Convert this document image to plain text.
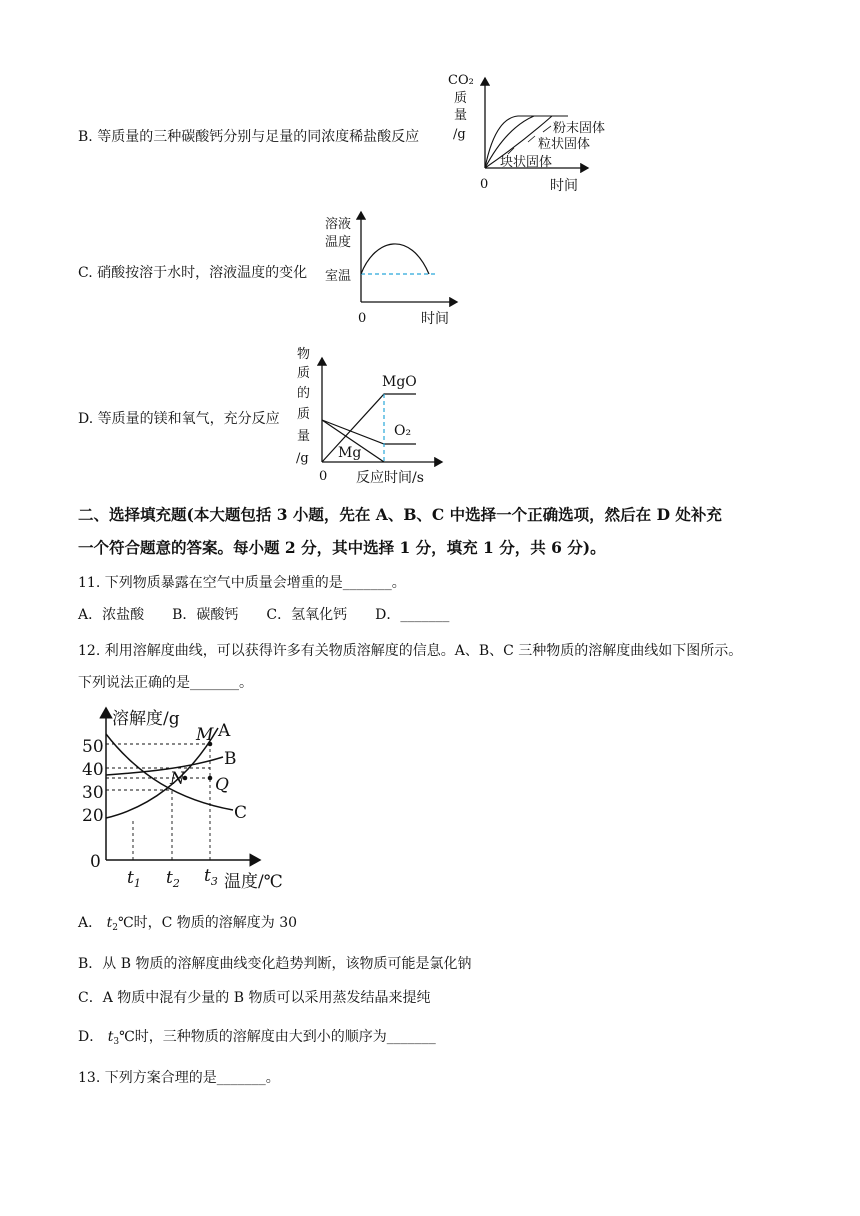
B. 等质量的三种碳酸钙分别与足量的同浓度稀盐酸反应
CO₂
质
量
/g	粉末固体
粒状固体
块状固体
0	时间
C. 硝酸按溶于水时，溶液温度的变化
溶液
温度
室温
0	时间
D. 等质量的镁和氧气，充分反应
物
质
的
质
量
/g
MgO
O₂
Mg
0 反应时间/s
二、选择填充题(本大题包括 3 小题，先在 A、B、C 中选择一个正确选项，然后在 D 处补充
一个符合题意的答案。每小题 2 分，其中选择 1 分，填充 1 分，共 6 分)。
11. 下列物质暴露在空气中质量会增重的是_______。
A．浓盐酸　　B．碳酸钙　　C．氢氧化钙　　D．_______
12. 利用溶解度曲线，可以获得许多有关物质溶解度的信息。A、B、C 三种物质的溶解度曲线如下图所示。
下列说法正确的是_______。
溶解度/g
50
40
30
20
0
M
N Q
A
B
C
$t_1$ $t_2$ $t_3$ 温度/℃
A． $t_2℃$时，C 物质的溶解度为 30
B．从 B 物质的溶解度曲线变化趋势判断，该物质可能是氯化钠
C．A 物质中混有少量的 B 物质可以采用蒸发结晶来提纯
D． $t_3℃$时，三种物质的溶解度由大到小的顺序为_______
13. 下列方案合理的是_______。
